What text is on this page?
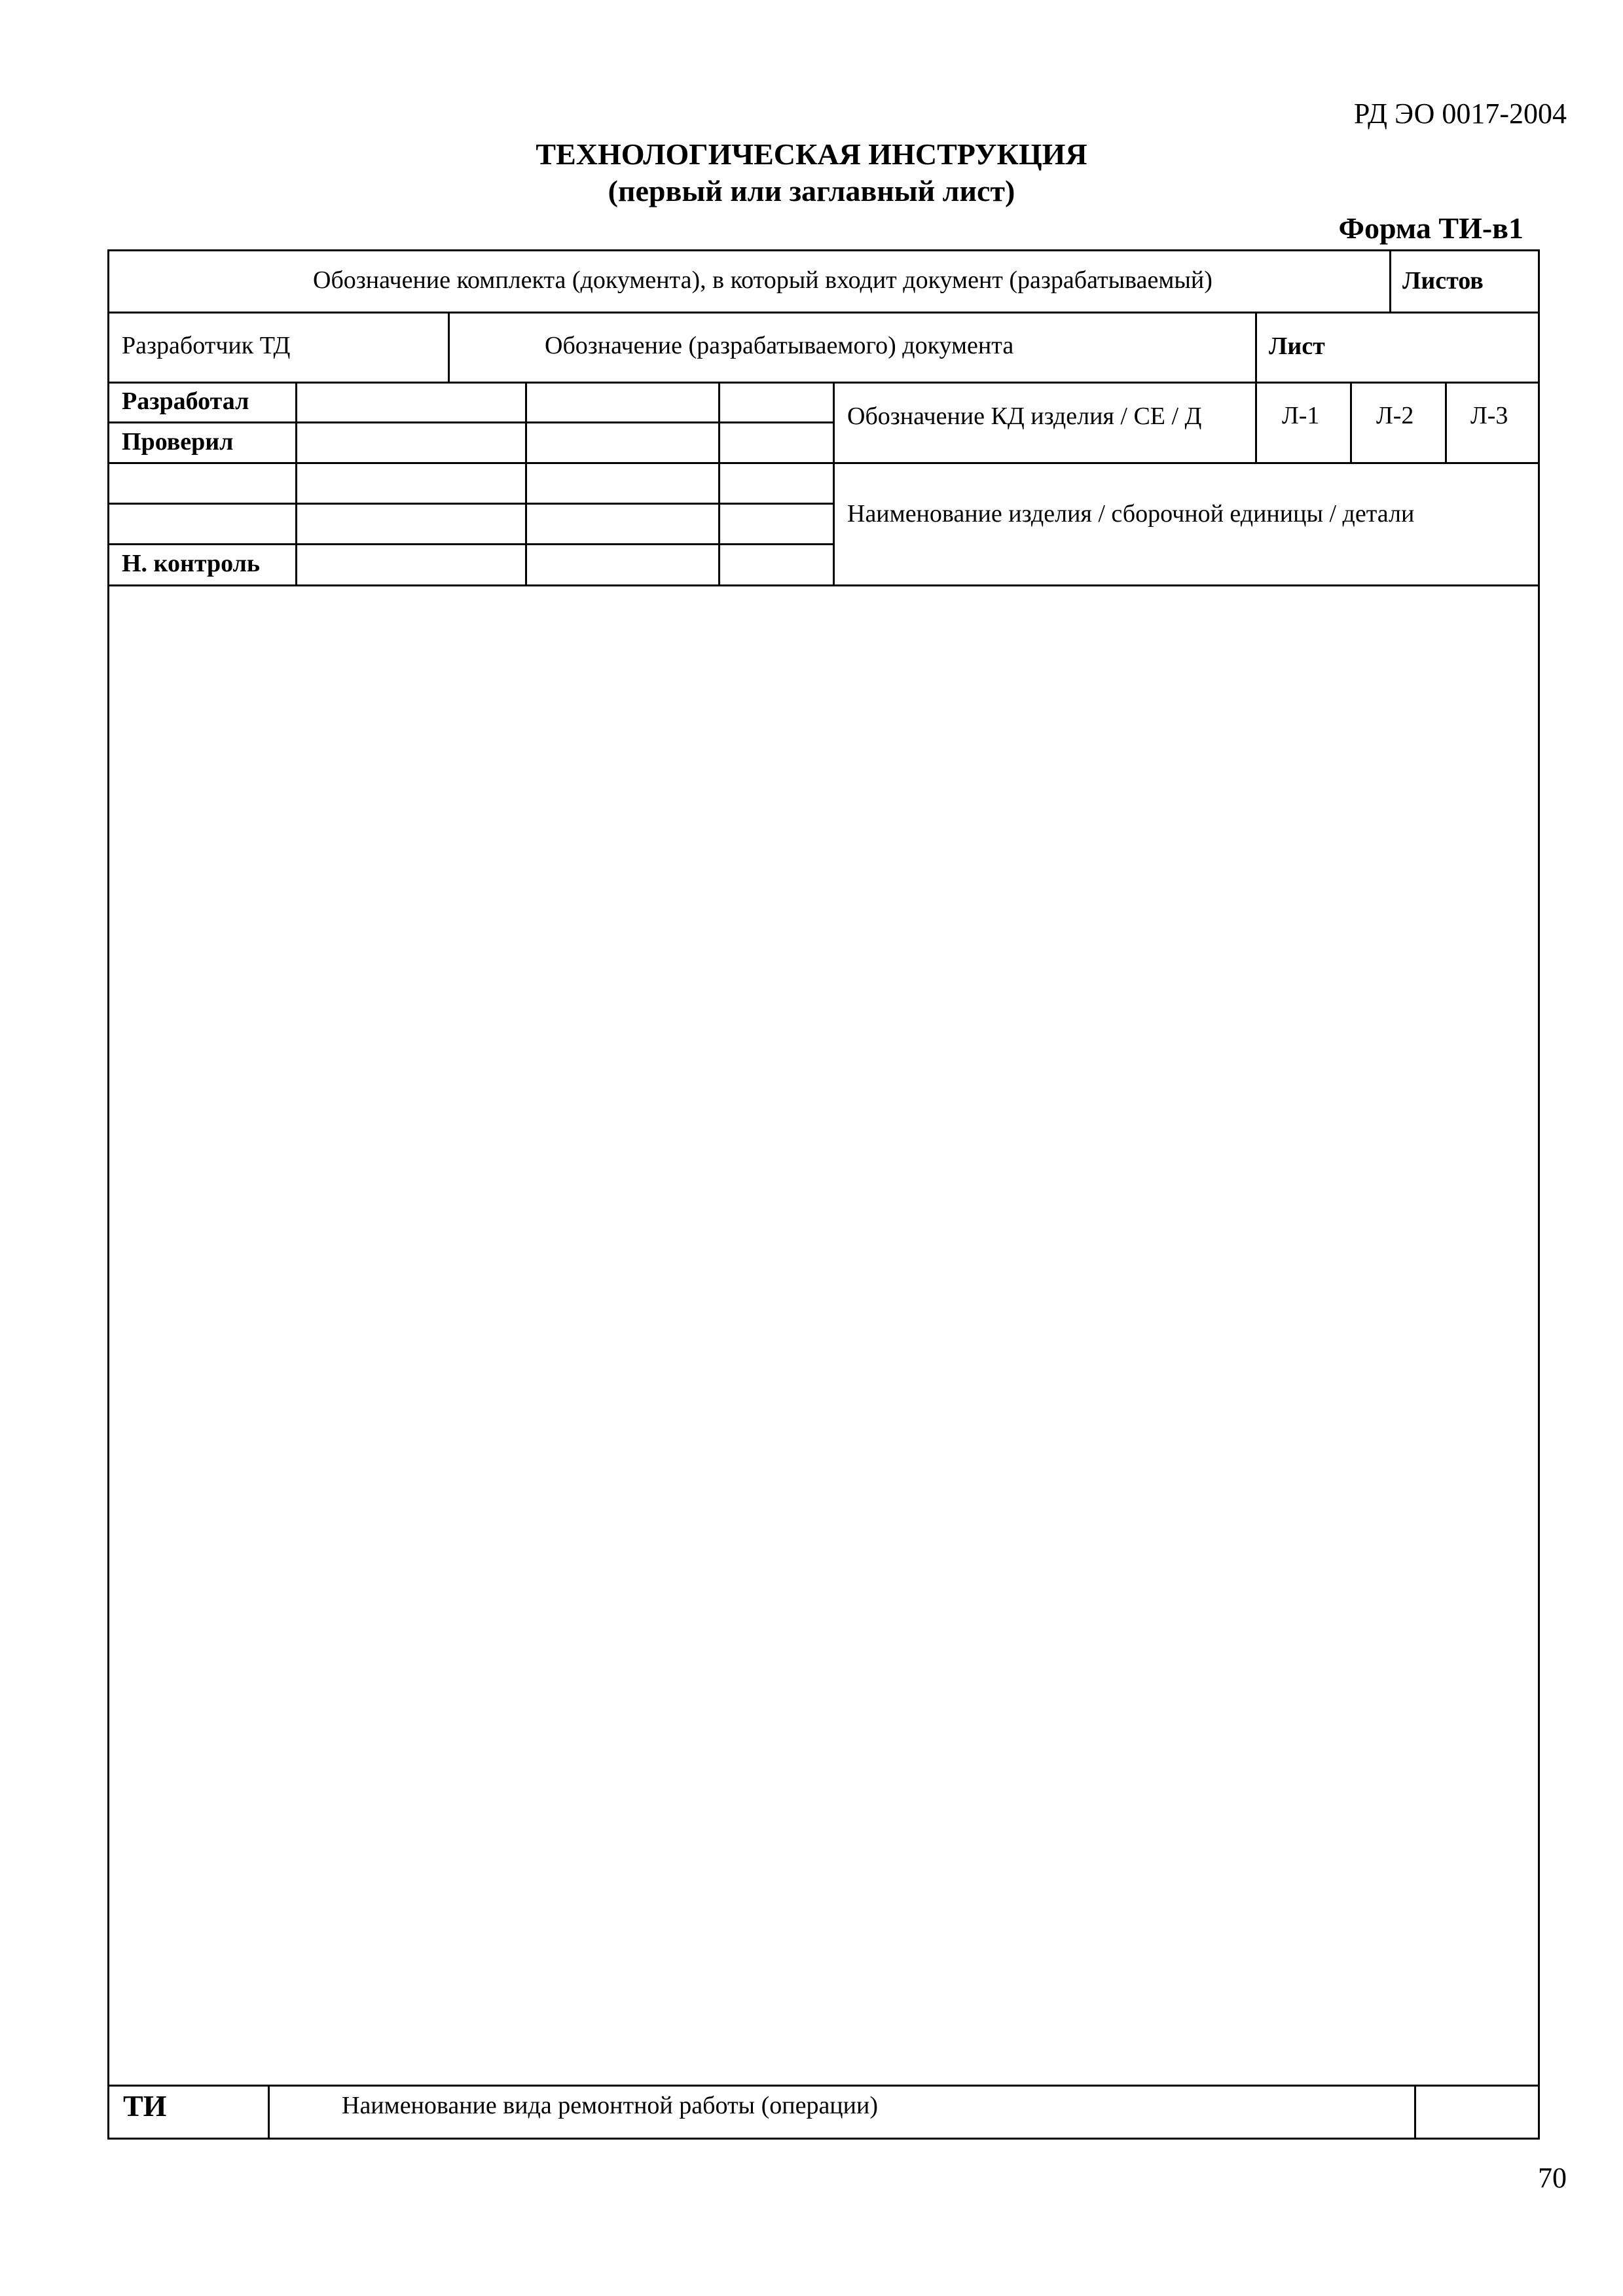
РД ЭО 0017-2004
ТЕХНОЛОГИЧЕСКАЯ ИНСТРУКЦИЯ
(первый или заглавный лист)
Форма ТИ-в1
Обозначение комплекта (документа), в который входит документ (разрабатываемый)	Листов
Разработчик ТД	Обозначение (разрабатываемого) документа	Лист
Разработал
Проверил
Н. контроль
Обозначение КД изделия / СЕ / Д	Л-1 Л-2 Л-3
Наименование изделия / сборочной единицы / детали
ТИ	Наименование вида ремонтной работы (операции)
70
